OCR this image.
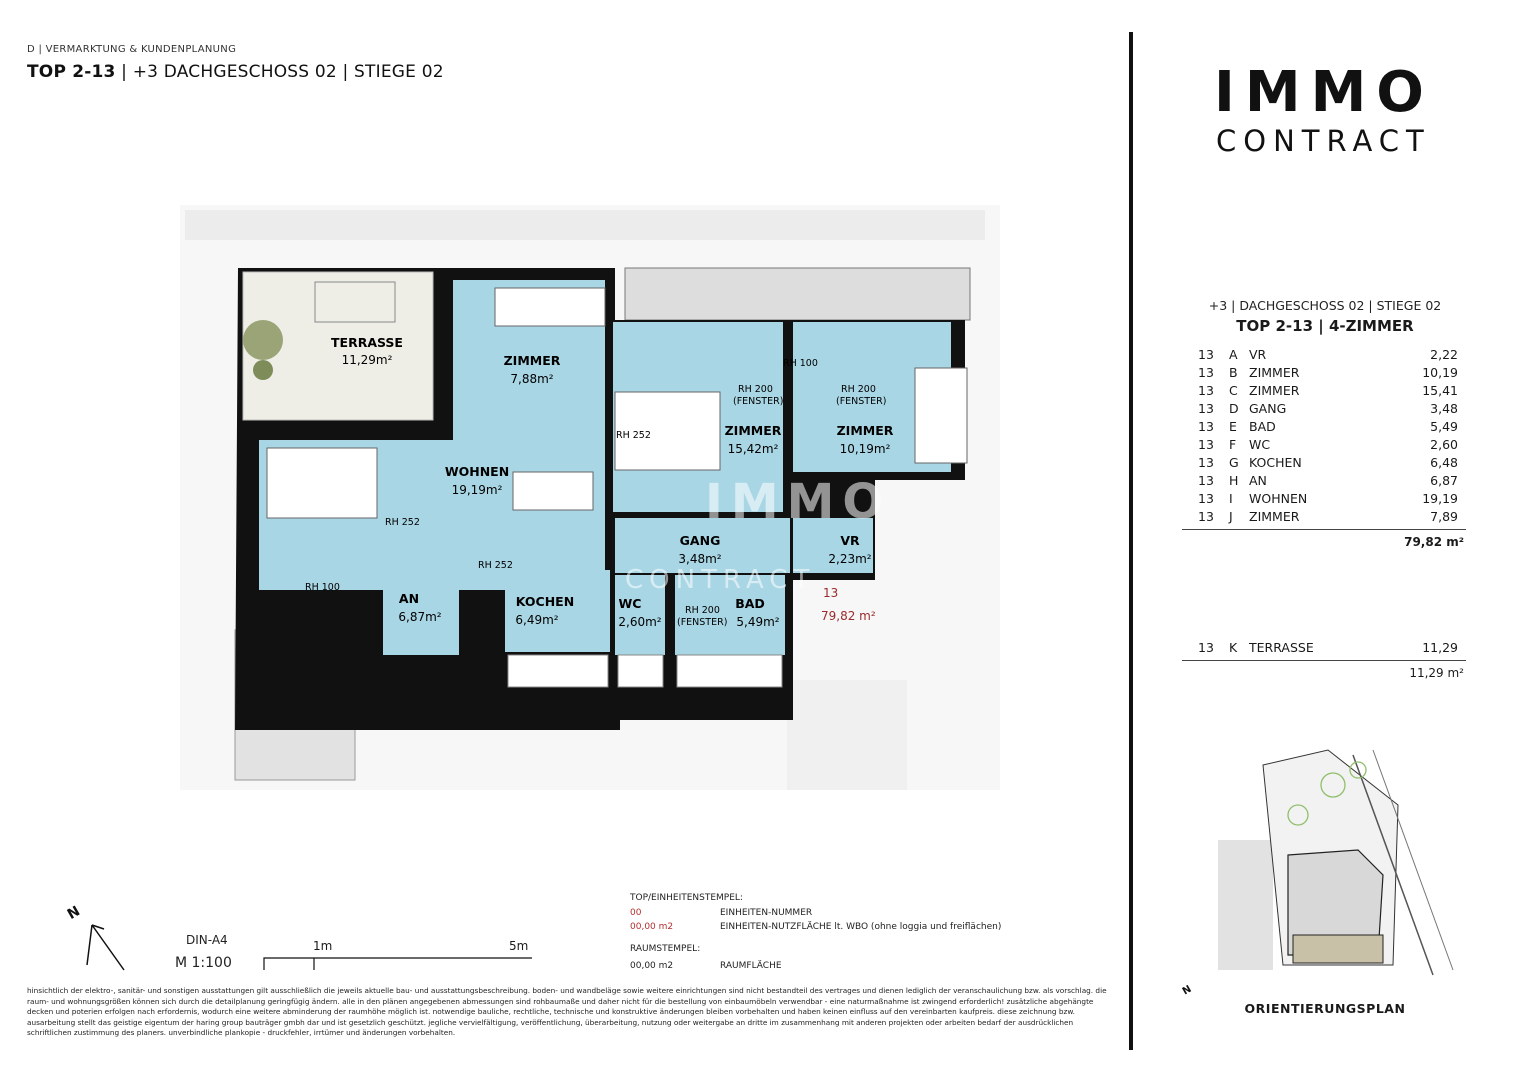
D | VERMARKTUNG & KUNDENPLANUNG
TOP 2-13 | +3 DACHGESCHOSS 02 | STIEGE 02	IMMO
CONTRACT
+3 | DACHGESCHOSS 02 | STIEGE 02
TOP 2-13 | 4-ZIMMER
13 A VR	2,22
13 B ZIMMER	10,19
13 C ZIMMER	15,41
13 D GANG	3,48
13 E BAD	5,49
13 F WC	2,60
13 G KOCHEN	6,48
13 H AN	6,87
13 I WOHNEN	19,19
13 J ZIMMER	7,89
79,82 m²
13 K TERRASSE	11,29
11,29 m²
TERRASSE
11,29m²	ZIMMER
7,88m²
WOHNEN
19,19m²
ZIMMER
15,42m²
ZIMMER
10,19m²
GANG
3,48m²
VR
2,23m²
AN
6,87m²
KOCHEN
6,49m²
WC
2,60m²
BAD
5,49m²
RH 252
RH 252
RH 252
RH 100
RH 100
RH 200
(FENSTER)
RH 200
(FENSTER)
RH 200
(FENSTER)
13
79,82 m²
IMMO
CONTRACT
N
DIN-A4
M 1:100
1m	5m
TOP/EINHEITENSTEMPEL:
00	EINHEITEN-NUMMER
00,00 m2	EINHEITEN-NUTZFLÄCHE lt. WBO (ohne loggia und freiflächen)
RAUMSTEMPEL:
00,00 m2	RAUMFLÄCHE
hinsichtlich der elektro-, sanitär- und sonstigen ausstattungen gilt ausschließlich die jeweils aktuelle bau- und ausstattungsbeschreibung. boden- und wandbeläge sowie weitere einrichtungen sind nicht bestandteil des vertrages und dienen lediglich der veranschaulichung bzw. als vorschlag. die raum- und wohnungsgrößen können sich durch die detailplanung geringfügig ändern. alle in den plänen angegebenen abmessungen sind rohbaumaße und daher nicht für die bestellung von einbaumöbeln verwendbar - eine naturmaßnahme ist zwingend erforderlich! zusätzliche abgehängte decken und poterien erfolgen nach erfordernis, wodurch eine weitere abminderung der raumhöhe möglich ist. notwendige bauliche, rechtliche, technische und konstruktive änderungen bleiben vorbehalten und haben keinen einfluss auf den vereinbarten kaufpreis. diese zeichnung bzw. ausarbeitung stellt das geistige eigentum der haring group bauträger gmbh dar und ist gesetzlich geschützt. jegliche vervielfältigung, veröffentlichung, überarbeitung, nutzung oder weitergabe an dritte im zusammenhang mit anderen projekten oder arbeiten bedarf der ausdrücklichen schriftlichen zustimmung des planers. unverbindliche plankopie - druckfehler, irrtümer und änderungen vorbehalten.
N
ORIENTIERUNGSPLAN
